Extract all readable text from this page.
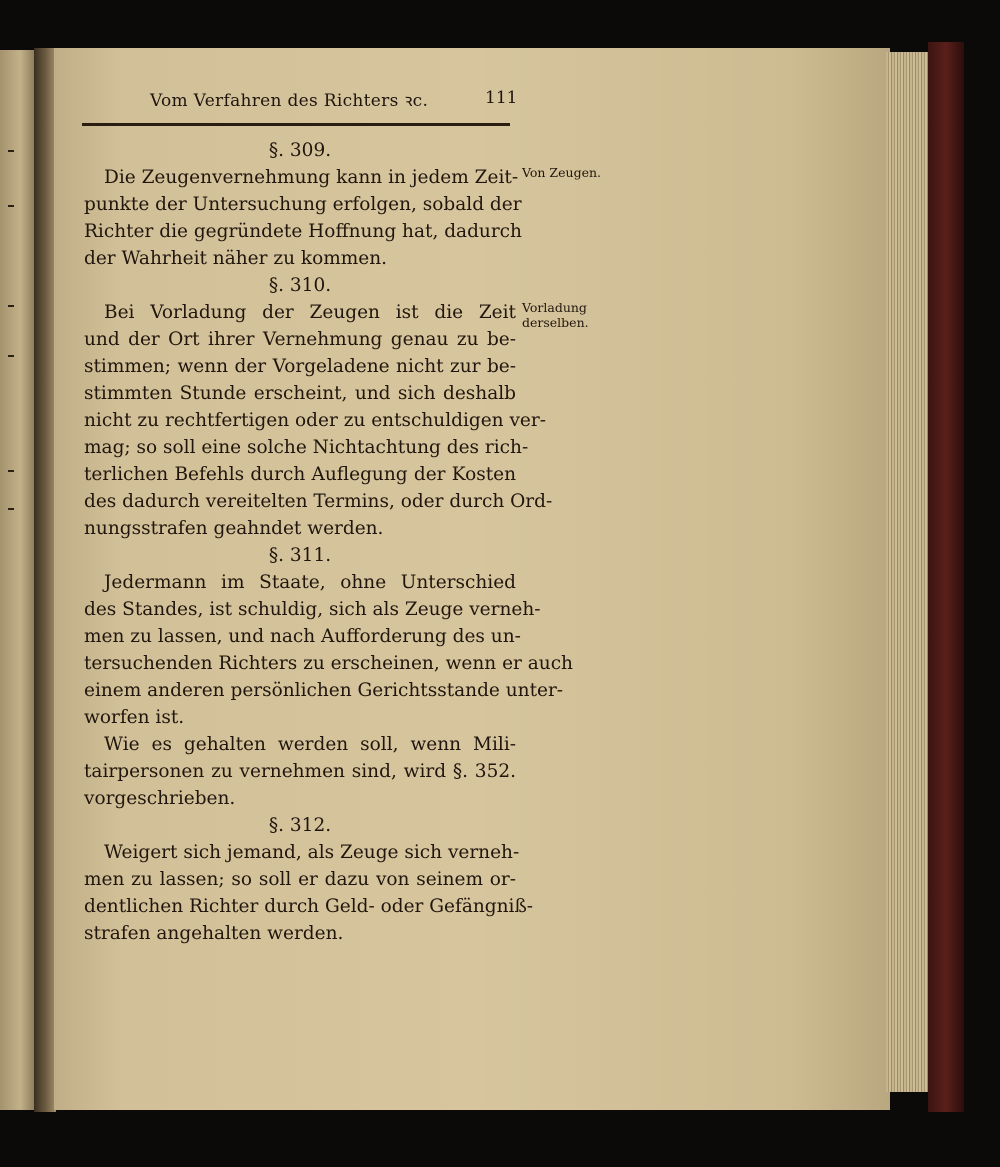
Vom Verfahren des Richters ꝛc.	111
§. 309.
Die Zeugenvernehmung kann in jedem Zeit-
punkte der Untersuchung erfolgen, sobald der
Richter die gegründete Hoffnung hat, dadurch
der Wahrheit näher zu kommen.
§. 310.
Bei Vorladung der Zeugen ist die Zeit
und der Ort ihrer Vernehmung genau zu be-
stimmen; wenn der Vorgeladene nicht zur be-
stimmten Stunde erscheint, und sich deshalb
nicht zu rechtfertigen oder zu entschuldigen ver-
mag; so soll eine solche Nichtachtung des rich-
terlichen Befehls durch Auflegung der Kosten
des dadurch vereitelten Termins, oder durch Ord-
nungsstrafen geahndet werden.
§. 311.
Jedermann im Staate, ohne Unterschied
des Standes, ist schuldig, sich als Zeuge verneh-
men zu lassen, und nach Aufforderung des un-
tersuchenden Richters zu erscheinen, wenn er auch
einem anderen persönlichen Gerichtsstande unter-
worfen ist.
Wie es gehalten werden soll, wenn Mili-
tairpersonen zu vernehmen sind, wird §. 352.
vorgeschrieben.
§. 312.
Weigert sich jemand, als Zeuge sich verneh-
men zu lassen; so soll er dazu von seinem or-
dentlichen Richter durch Geld- oder Gefängniß-
strafen angehalten werden.
Von Zeugen.
Vorladung
derselben.
